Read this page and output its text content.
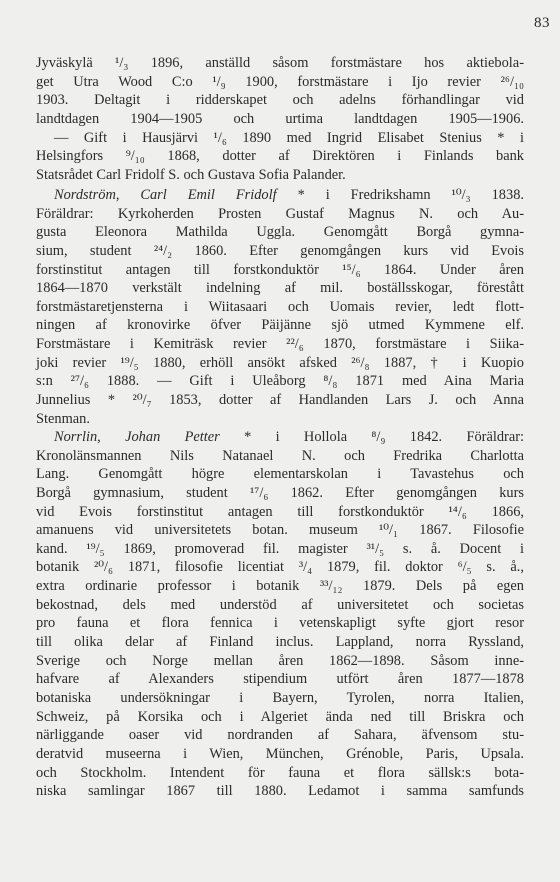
83
Jyväskylä ¹/₃ 1896, anställd såsom forstmästare hos aktiebola-
get Utra Wood C:o ¹/₉ 1900, forstmästare i Ijo revier ²⁶/₁₀
1903. Deltagit i ridderskapet och adelns förhandlingar vid
landtdagen 1904—1905 och urtima landtdagen 1905—1906.
— Gift i Hausjärvi ¹/₆ 1890 med Ingrid Elisabet Stenius * i
Helsingfors ⁹/₁₀ 1868, dotter af Direktören i Finlands bank
Statsrådet Carl Fridolf S. och Gustava Sofia Palander.
Nordström, Carl Emil Fridolf * i Fredrikshamn ¹⁰/₃ 1838.
Föräldrar: Kyrkoherden Prosten Gustaf Magnus N. och Au-
gusta Eleonora Mathilda Uggla. Genomgått Borgå gymna-
sium, student ²⁴/₂ 1860. Efter genomgången kurs vid Evois
forstinstitut antagen till forstkonduktör ¹⁵/₆ 1864. Under åren
1864—1870 verkstält indelning af mil. boställsskogar, förestått
forstmästaretjensterna i Wiitasaari och Uomais revier, ledt flott-
ningen af kronovirke öfver Päijänne sjö utmed Kymmene elf.
Forstmästare i Kemiträsk revier ²²/₆ 1870, forstmästare i Siika-
joki revier ¹⁹/₅ 1880, erhöll ansökt afsked ²⁶/₈ 1887, † i Kuopio
s:n ²⁷/₆ 1888. — Gift i Uleåborg ⁸/₈ 1871 med Aina Maria
Junnelius * ²⁰/₇ 1853, dotter af Handlanden Lars J. och Anna
Stenman.
Norrlin, Johan Petter * i Hollola ⁸/₉ 1842. Föräldrar:
Kronolänsmannen Nils Natanael N. och Fredrika Charlotta
Lang. Genomgått högre elementarskolan i Tavastehus och
Borgå gymnasium, student ¹⁷/₆ 1862. Efter genomgången kurs
vid Evois forstinstitut antagen till forstkonduktör ¹⁴/₆ 1866,
amanuens vid universitetets botan. museum ¹⁰/₁ 1867. Filosofie
kand. ¹⁹/₅ 1869, promoverad fil. magister ³¹/₅ s. å. Docent i
botanik ²⁰/₆ 1871, filosofie licentiat ³/₄ 1879, fil. doktor ⁶/₅ s. å.,
extra ordinarie professor i botanik ³³/₁₂ 1879. Dels på egen
bekostnad, dels med understöd af universitetet och societas
pro fauna et flora fennica i vetenskapligt syfte gjort resor
till olika delar af Finland inclus. Lappland, norra Ryssland,
Sverige och Norge mellan åren 1862—1898. Såsom inne-
hafvare af Alexanders stipendium utfört åren 1877—1878
botaniska undersökningar i Bayern, Tyrolen, norra Italien,
Schweiz, på Korsika och i Algeriet ända ned till Briskra och
närliggande oaser vid nordranden af Sahara, äfvensom stu-
deratvid museerna i Wien, München, Grénoble, Paris, Upsala.
och Stockholm. Intendent för fauna et flora sällsk:s bota-
niska samlingar 1867 till 1880. Ledamot i samma samfunds
